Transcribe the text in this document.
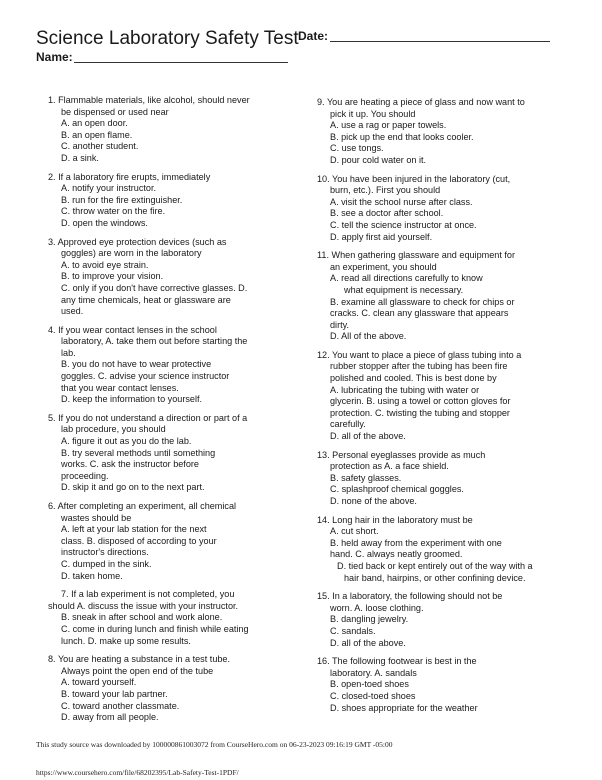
Science Laboratory Safety Test
Name:
Date:
1. Flammable materials, like alcohol, should never
be dispensed or used near
A. an open door.
B. an open flame.
C. another student.
D. a sink.
2. If a laboratory fire erupts, immediately
A. notify your instructor.
B. run for the fire extinguisher.
C. throw water on the fire.
D. open the windows.
3. Approved eye protection devices (such as
goggles) are worn in the laboratory
A. to avoid eye strain.
B. to improve your vision.
C. only if you don't have corrective glasses. D.
any time chemicals, heat or glassware are
used.
4. If you wear contact lenses in the school
laboratory, A. take them out before starting the
lab.
B. you do not have to wear protective
goggles. C. advise your science instructor
that you wear contact lenses.
D. keep the information to yourself.
5. If you do not understand a direction or part of a
lab procedure, you should
A. figure it out as you do the lab.
B. try several methods until something
works. C. ask the instructor before
proceeding.
D. skip it and go on to the next part.
6. After completing an experiment, all chemical
wastes should be
A. left at your lab station for the next
class. B. disposed of according to your
instructor's directions.
C. dumped in the sink.
D. taken home.
7. If a lab experiment is not completed, you
should A. discuss the issue with your instructor.
B. sneak in after school and work alone.
C. come in during lunch and finish while eating
lunch. D. make up some results.
8. You are heating a substance in a test tube.
Always point the open end of the tube
A. toward yourself.
B. toward your lab partner.
C. toward another classmate.
D. away from all people.
9. You are heating a piece of glass and now want to
pick it up. You should
A. use a rag or paper towels.
B. pick up the end that looks cooler.
C. use tongs.
D. pour cold water on it.
10. You have been injured in the laboratory (cut,
burn, etc.). First you should
A. visit the school nurse after class.
B. see a doctor after school.
C. tell the science instructor at once.
D. apply first aid yourself.
11. When gathering glassware and equipment for
an experiment, you should
A. read all directions carefully to know
what equipment is necessary.
B. examine all glassware to check for chips or
cracks. C. clean any glassware that appears
dirty.
D. All of the above.
12. You want to place a piece of glass tubing into a
rubber stopper after the tubing has been fire
polished and cooled. This is best done by
A. lubricating the tubing with water or
glycerin. B. using a towel or cotton gloves for
protection. C. twisting the tubing and stopper
carefully.
D. all of the above.
13. Personal eyeglasses provide as much
protection as A. a face shield.
B. safety glasses.
C. splashproof chemical goggles.
D. none of the above.
14. Long hair in the laboratory must be
A. cut short.
B. held away from the experiment with one
hand. C. always neatly groomed.
D. tied back or kept entirely out of the way with a
hair band, hairpins, or other confining device.
15. In a laboratory, the following should not be
worn. A. loose clothing.
B. dangling jewelry.
C. sandals.
D. all of the above.
16. The following footwear is best in the
laboratory. A. sandals
B. open-toed shoes
C. closed-toed shoes
D. shoes appropriate for the weather
This study source was downloaded by 100000861003072 from CourseHero.com on 06-23-2023 09:16:19 GMT -05:00
https://www.coursehero.com/file/68202395/Lab-Safety-Test-1PDF/
